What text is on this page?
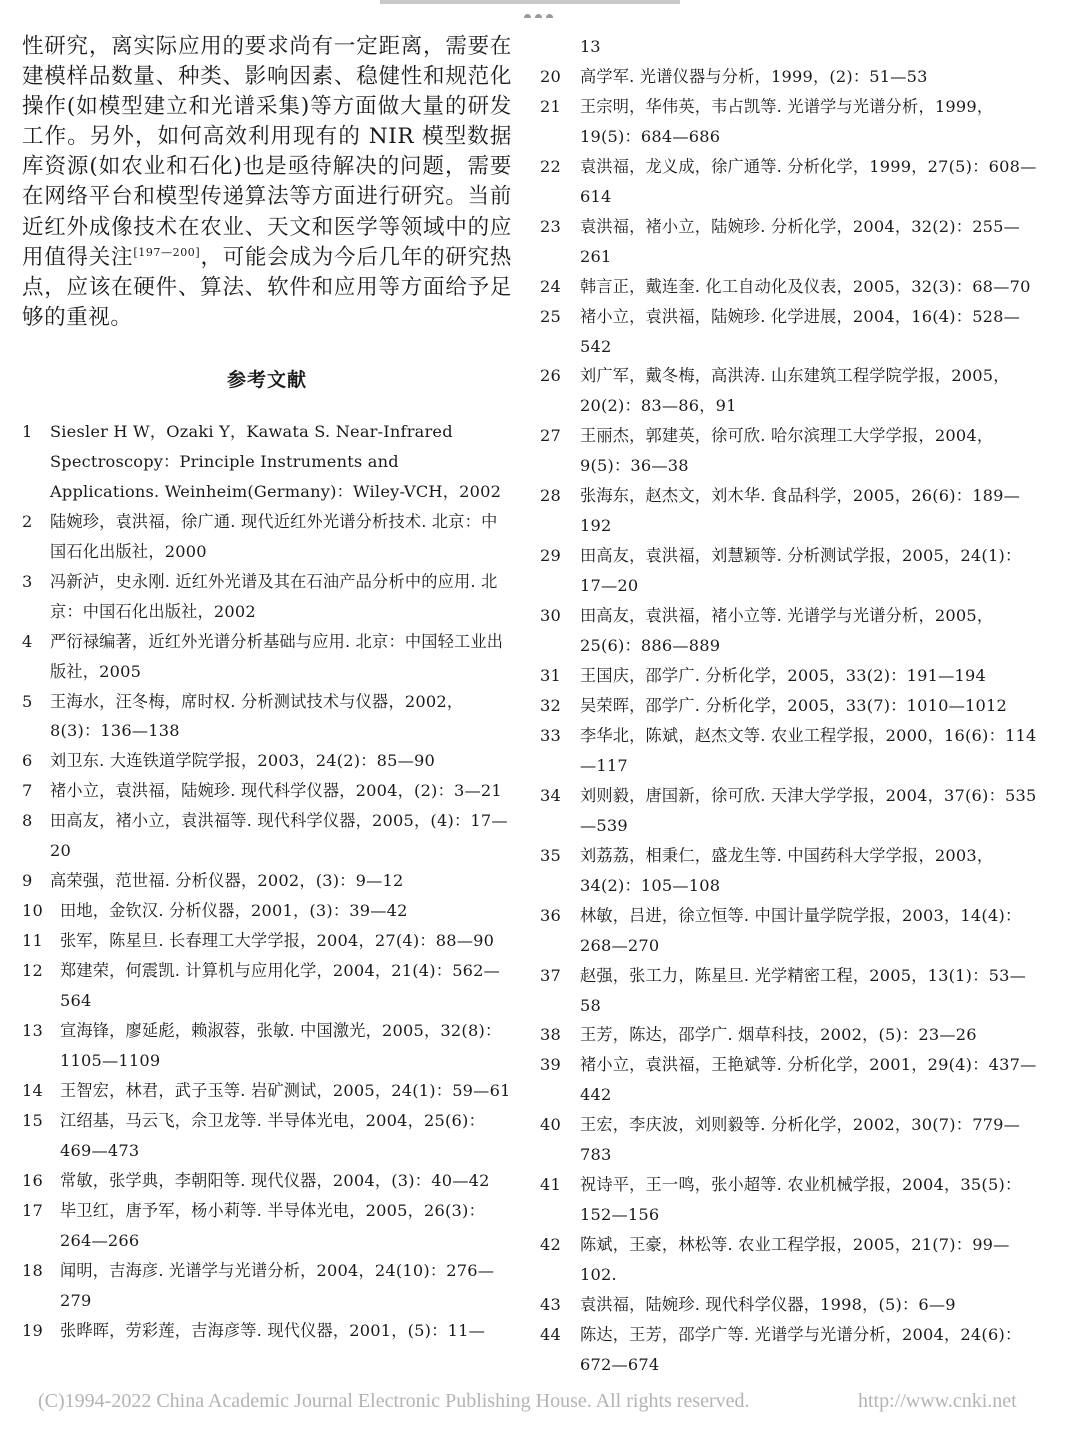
性研究，离实际应用的要求尚有一定距离，需要在建模样品数量、种类、影响因素、稳健性和规范化操作(如模型建立和光谱采集)等方面做大量的研发工作。另外，如何高效利用现有的 NIR 模型数据库资源(如农业和石化)也是亟待解决的问题，需要在网络平台和模型传递算法等方面进行研究。当前近红外成像技术在农业、天文和医学等领域中的应用值得关注[197—200]，可能会成为今后几年的研究热点，应该在硬件、算法、软件和应用等方面给予足够的重视。

参考文献
1	Siesler H W，Ozaki Y，Kawata S. Near-Infrared Spectroscopy：Principle Instruments and Applications. Weinheim(Germany)：Wiley-VCH，2002
2	陆婉珍，袁洪福，徐广通. 现代近红外光谱分析技术. 北京：中国石化出版社，2000
3	冯新泸，史永刚. 近红外光谱及其在石油产品分析中的应用. 北京：中国石化出版社，2002
4	严衍禄编著，近红外光谱分析基础与应用. 北京：中国轻工业出版社，2005
5	王海水，汪冬梅，席时权. 分析测试技术与仪器，2002，8(3)：136—138
6	刘卫东. 大连铁道学院学报，2003，24(2)：85—90
7	褚小立，袁洪福，陆婉珍. 现代科学仪器，2004，(2)：3—21
8	田高友，褚小立，袁洪福等. 现代科学仪器，2005，(4)：17—20
9	高荣强，范世福. 分析仪器，2002，(3)：9—12
10	田地，金钦汉. 分析仪器，2001，(3)：39—42
11	张军，陈星旦. 长春理工大学学报，2004，27(4)：88—90
12	郑建荣，何震凯. 计算机与应用化学，2004，21(4)：562—564
13	宣海锋，廖延彪，赖淑蓉，张敏. 中国激光，2005，32(8)：1105—1109
14	王智宏，林君，武子玉等. 岩矿测试，2005，24(1)：59—61
15	江绍基，马云飞，佘卫龙等. 半导体光电，2004，25(6)：469—473
16	常敏，张学典，李朝阳等. 现代仪器，2004，(3)：40—42
17	毕卫红，唐予军，杨小莉等. 半导体光电，2005，26(3)：264—266
18	闻明，吉海彦. 光谱学与光谱分析，2004，24(10)：276—279
19	张晔晖，劳彩莲，吉海彦等. 现代仪器，2001，(5)：11—
13
20	高学军. 光谱仪器与分析，1999，(2)：51—53
21	王宗明，华伟英，韦占凯等. 光谱学与光谱分析，1999，19(5)：684—686
22	袁洪福，龙义成，徐广通等. 分析化学，1999，27(5)：608—614
23	袁洪福，褚小立，陆婉珍. 分析化学，2004，32(2)：255—261
24	韩言正，戴连奎. 化工自动化及仪表，2005，32(3)：68—70
25	褚小立，袁洪福，陆婉珍. 化学进展，2004，16(4)：528—542
26	刘广军，戴冬梅，高洪涛. 山东建筑工程学院学报，2005，20(2)：83—86，91
27	王丽杰，郭建英，徐可欣. 哈尔滨理工大学学报，2004，9(5)：36—38
28	张海东，赵杰文，刘木华. 食品科学，2005，26(6)：189—192
29	田高友，袁洪福，刘慧颖等. 分析测试学报，2005，24(1)：17—20
30	田高友，袁洪福，褚小立等. 光谱学与光谱分析，2005，25(6)：886—889
31	王国庆，邵学广. 分析化学，2005，33(2)：191—194
32	吴荣晖，邵学广. 分析化学，2005，33(7)：1010—1012
33	李华北，陈斌，赵杰文等. 农业工程学报，2000，16(6)：114—117
34	刘则毅，唐国新，徐可欣. 天津大学学报，2004，37(6)：535—539
35	刘荔荔，相秉仁，盛龙生等. 中国药科大学学报，2003，34(2)：105—108
36	林敏，吕进，徐立恒等. 中国计量学院学报，2003，14(4)：268—270
37	赵强，张工力，陈星旦. 光学精密工程，2005，13(1)：53—58
38	王芳，陈达，邵学广. 烟草科技，2002，(5)：23—26
39	褚小立，袁洪福，王艳斌等. 分析化学，2001，29(4)：437—442
40	王宏，李庆波，刘则毅等. 分析化学，2002，30(7)：779—783
41	祝诗平，王一鸣，张小超等. 农业机械学报，2004，35(5)：152—156
42	陈斌，王豪，林松等. 农业工程学报，2005，21(7)：99—102.
43	袁洪福，陆婉珍. 现代科学仪器，1998，(5)：6—9
44	陈达，王芳，邵学广等. 光谱学与光谱分析，2004，24(6)：672—674
(C)1994-2022 China Academic Journal Electronic Publishing House. All rights reserved.	http://www.cnki.net
